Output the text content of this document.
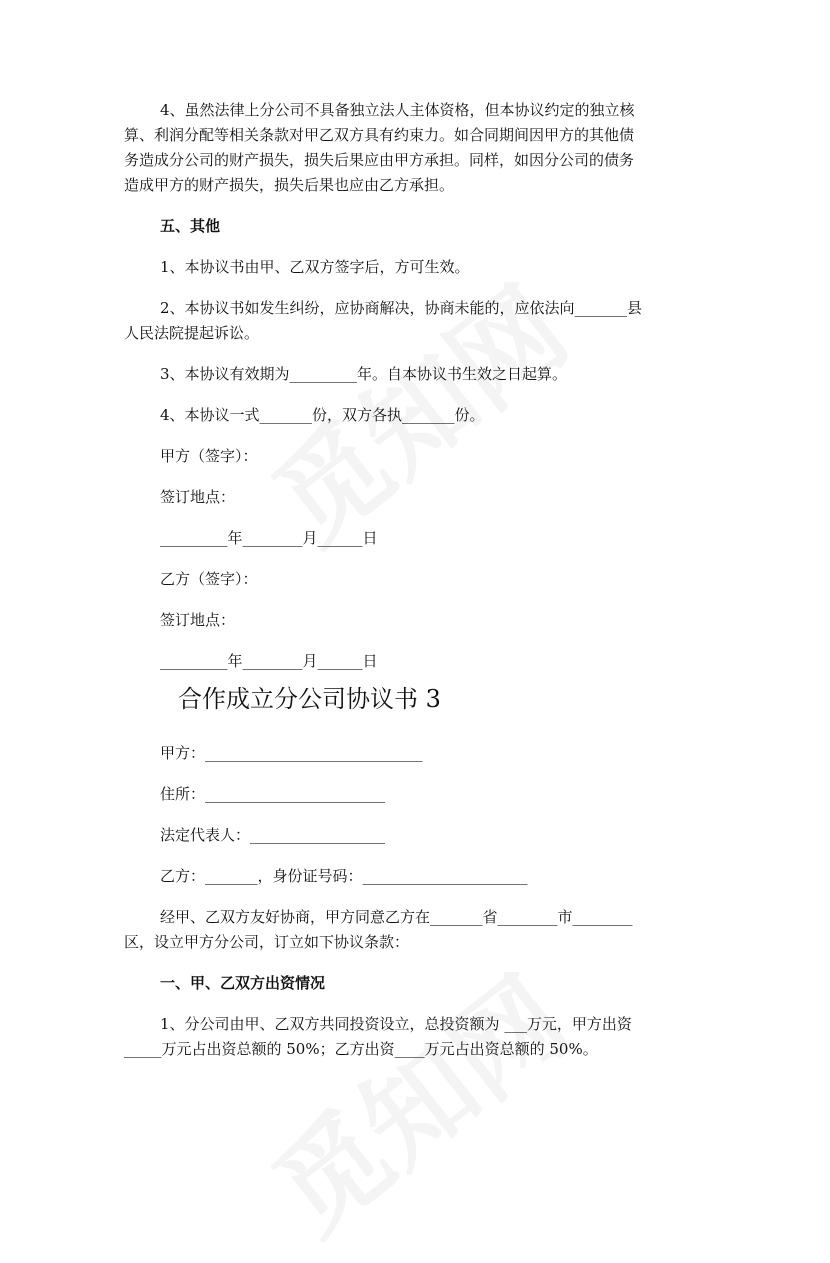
4、虽然法律上分公司不具备独立法人主体资格，但本协议约定的独立核
算、利润分配等相关条款对甲乙双方具有约束力。如合同期间因甲方的其他债
务造成分公司的财产损失，损失后果应由甲方承担。同样，如因分公司的债务
造成甲方的财产损失，损失后果也应由乙方承担。
五、其他
1、本协议书由甲、乙双方签字后，方可生效。
2、本协议书如发生纠纷，应协商解决，协商未能的，应依法向_______县
人民法院提起诉讼。
3、本协议有效期为_________年。自本协议书生效之日起算。
4、本协议一式_______份，双方各执_______份。
甲方（签字）：
签订地点：
_________年________月______日
乙方（签字）：
签订地点：
_________年________月______日
合作成立分公司协议书 3
甲方：_____________________________
住所：________________________
法定代表人：__________________
乙方：_______，身份证号码：______________________
经甲、乙双方友好协商，甲方同意乙方在_______省________市________
区，设立甲方分公司，订立如下协议条款：
一、甲、乙双方出资情况
1、分公司由甲、乙双方共同投资设立，总投资额为 ___万元，甲方出资
_____万元占出资总额的 50%；乙方出资____万元占出资总额的 50%。
